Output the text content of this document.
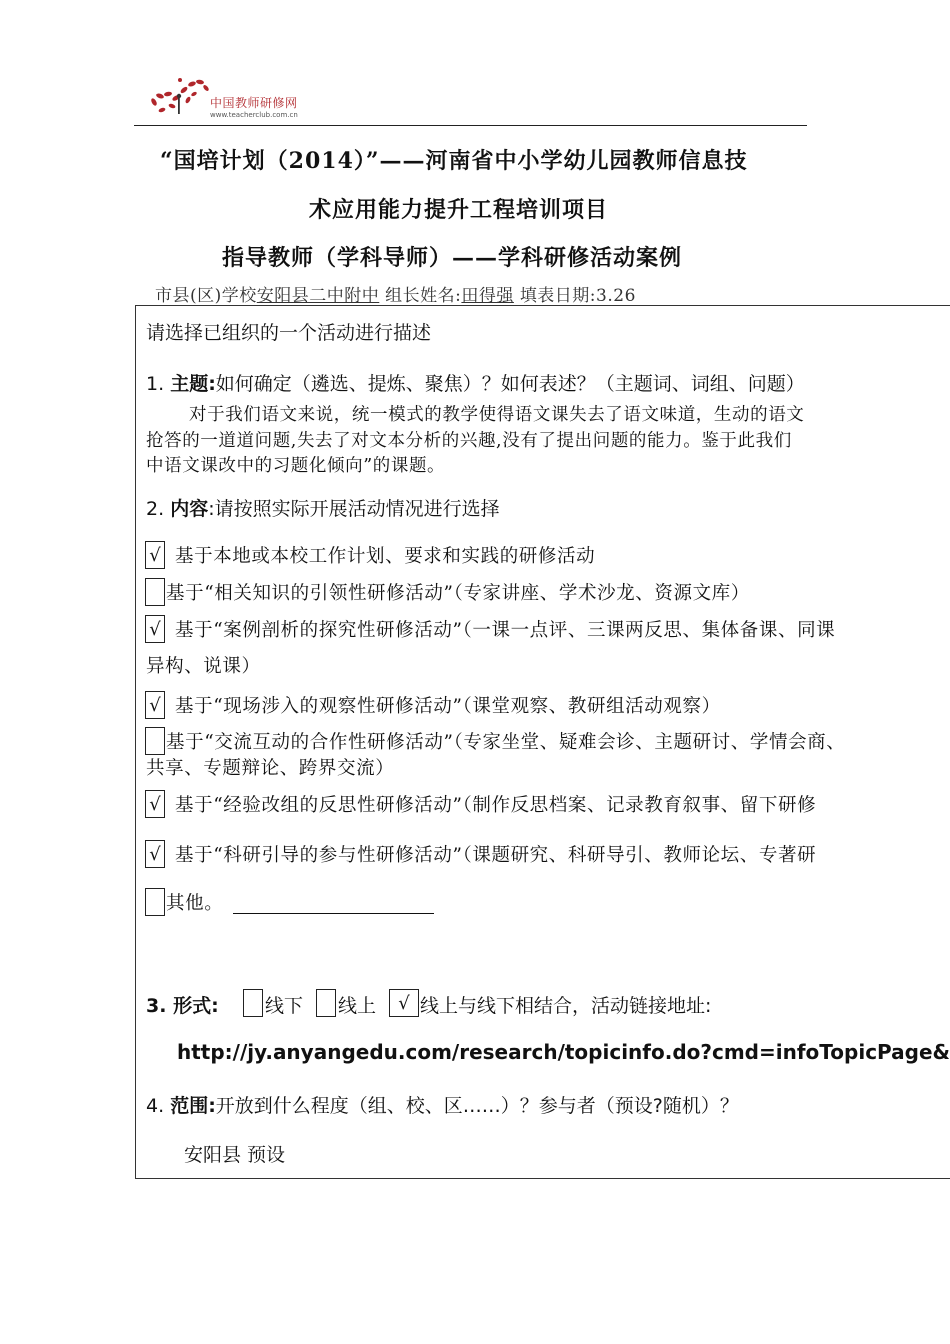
中国教师研修网
www.teacherclub.com.cn
“国培计划（2014）”——河南省中小学幼儿园教师信息技
术应用能力提升工程培训项目
指导教师（学科导师）——学科研修活动案例
市县(区)学校安阳县二中附中 组长姓名:田得强 填表日期:3.26
请选择已组织的一个活动进行描述
1. 主题:如何确定（遴选、提炼、聚焦）？如何表述？（主题词、词组、问题）
对于我们语文来说，统一模式的教学使得语文课失去了语文味道，生动的语文
抢答的一道道问题,失去了对文本分析的兴趣,没有了提出问题的能力。鉴于此我们
中语文课改中的习题化倾向”的课题。
2. 内容:请按照实际开展活动情况进行选择
√ 基于本地或本校工作计划、要求和实践的研修活动
基于“相关知识的引领性研修活动”（专家讲座、学术沙龙、资源文库）
√ 基于“案例剖析的探究性研修活动”（一课一点评、三课两反思、集体备课、同课
异构、说课）
√ 基于“现场涉入的观察性研修活动”（课堂观察、教研组活动观察）
基于“交流互动的合作性研修活动”（专家坐堂、疑难会诊、主题研讨、学情会商、
共享、专题辩论、跨界交流）
√ 基于“经验改组的反思性研修活动”（制作反思档案、记录教育叙事、留下研修
√ 基于“科研引导的参与性研修活动”（课题研究、科研导引、教师论坛、专著研
其他。
3. 形式: 线下 线上	√ 线上与线下相结合，活动链接地址:
http://jy.anyangedu.com/research/topicinfo.do?cmd=infoTopicPage&
4. 范围:开放到什么程度（组、校、区……）？参与者（预设?随机）？
安阳县 预设
